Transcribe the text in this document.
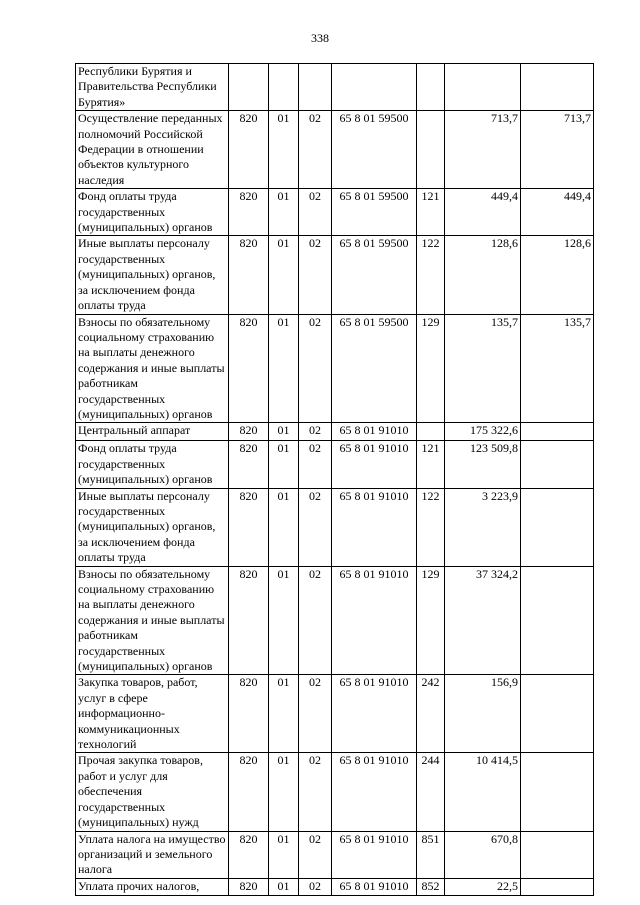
338
Республики Бурятия и Правительства Республики Бурятия»							
Осуществление переданных полномочий Российской Федерации в отношении объектов культурного наследия	820	01	02	65 8 01 59500		713,7	713,7
Фонд оплаты труда государственных (муниципальных) органов	820	01	02	65 8 01 59500	121	449,4	449,4
Иные выплаты персоналу государственных (муниципальных) органов, за исключением фонда оплаты труда	820	01	02	65 8 01 59500	122	128,6	128,6
Взносы по обязательному социальному страхованию на выплаты денежного содержания и иные выплаты работникам государственных (муниципальных) органов	820	01	02	65 8 01 59500	129	135,7	135,7
Центральный аппарат	820	01	02	65 8 01 91010		175 322,6	
Фонд оплаты труда государственных (муниципальных) органов	820	01	02	65 8 01 91010	121	123 509,8	
Иные выплаты персоналу государственных (муниципальных) органов, за исключением фонда оплаты труда	820	01	02	65 8 01 91010	122	3 223,9	
Взносы по обязательному социальному страхованию на выплаты денежного содержания и иные выплаты работникам государственных (муниципальных) органов	820	01	02	65 8 01 91010	129	37 324,2	
Закупка товаров, работ, услуг в сфере информационно-коммуникационных технологий	820	01	02	65 8 01 91010	242	156,9	
Прочая закупка товаров, работ и услуг для обеспечения государственных (муниципальных) нужд	820	01	02	65 8 01 91010	244	10 414,5	
Уплата налога на имущество организаций и земельного налога	820	01	02	65 8 01 91010	851	670,8	
Уплата прочих налогов,	820	01	02	65 8 01 91010	852	22,5	
